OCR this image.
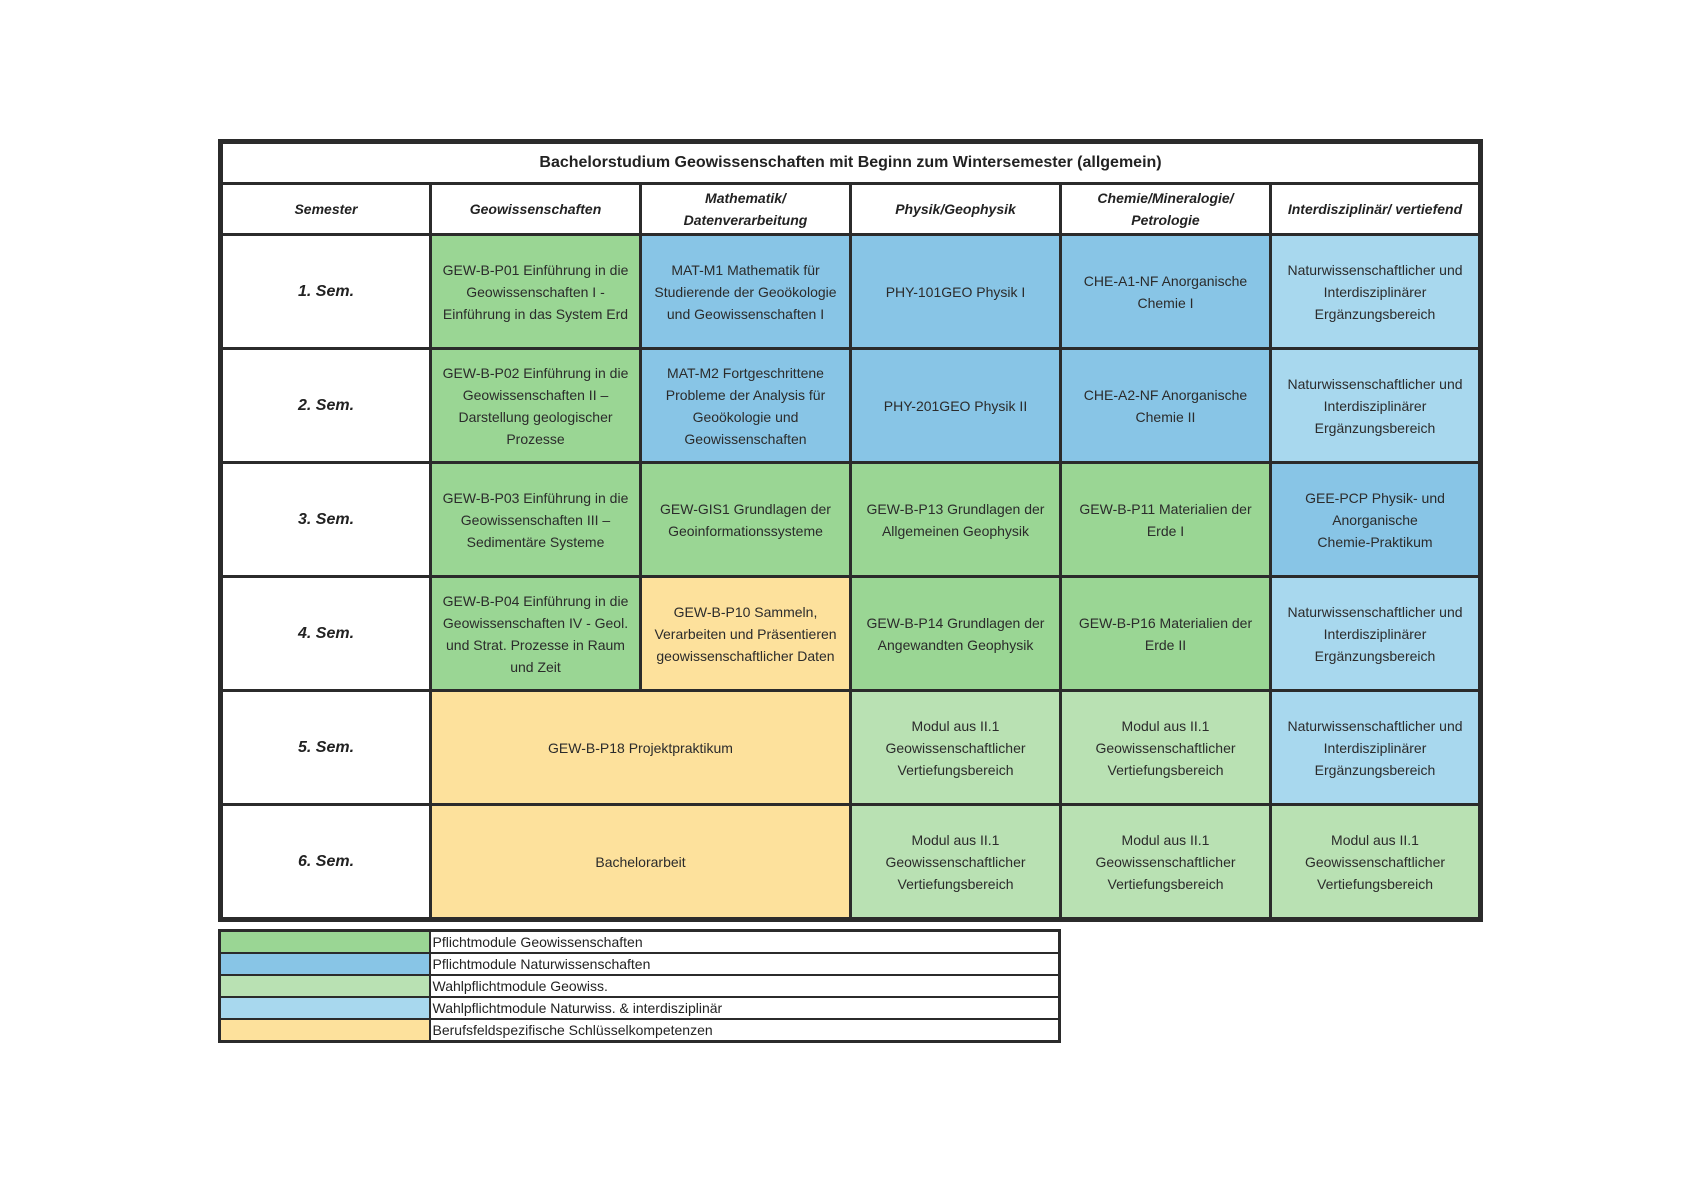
Bachelorstudium Geowissenschaften mit Beginn zum Wintersemester (allgemein)					
Semester	Geowissenschaften	Mathematik/
Datenverarbeitung	Physik/Geophysik	Chemie/Mineralogie/
Petrologie	Interdisziplinär/ vertiefend
1. Sem.	GEW-B-P01 Einführung in die
Geowissenschaften I -
Einführung in das System Erd	MAT-M1 Mathematik für
Studierende der Geoökologie
und Geowissenschaften I	PHY-101GEO Physik I	CHE-A1-NF Anorganische
Chemie I	Naturwissenschaftlicher und
Interdisziplinärer
Ergänzungsbereich
2. Sem.	GEW-B-P02 Einführung in die
Geowissenschaften II –
Darstellung geologischer
Prozesse	MAT-M2 Fortgeschrittene
Probleme der Analysis für
Geoökologie und
Geowissenschaften	PHY-201GEO Physik II	CHE-A2-NF Anorganische
Chemie II	Naturwissenschaftlicher und
Interdisziplinärer
Ergänzungsbereich
3. Sem.	GEW-B-P03 Einführung in die
Geowissenschaften III –
Sedimentäre Systeme	GEW-GIS1 Grundlagen der
Geoinformationssysteme	GEW-B-P13 Grundlagen der
Allgemeinen Geophysik	GEW-B-P11 Materialien der
Erde I	GEE-PCP Physik- und
Anorganische
Chemie-Praktikum
4. Sem.	GEW-B-P04 Einführung in die
Geowissenschaften IV - Geol.
und Strat. Prozesse in Raum
und Zeit	GEW-B-P10 Sammeln,
Verarbeiten und Präsentieren
geowissenschaftlicher Daten	GEW-B-P14 Grundlagen der
Angewandten Geophysik	GEW-B-P16 Materialien der
Erde II	Naturwissenschaftlicher und
Interdisziplinärer
Ergänzungsbereich
5. Sem.	GEW-B-P18 Projektpraktikum		Modul aus II.1
Geowissenschaftlicher
Vertiefungsbereich	Modul aus II.1
Geowissenschaftlicher
Vertiefungsbereich	Naturwissenschaftlicher und
Interdisziplinärer
Ergänzungsbereich
6. Sem.	Bachelorarbeit		Modul aus II.1
Geowissenschaftlicher
Vertiefungsbereich	Modul aus II.1
Geowissenschaftlicher
Vertiefungsbereich	Modul aus II.1
Geowissenschaftlicher
Vertiefungsbereich
	Pflichtmodule Geowissenschaften
	Pflichtmodule Naturwissenschaften
	Wahlpflichtmodule Geowiss.
	Wahlpflichtmodule Naturwiss. & interdisziplinär
	Berufsfeldspezifische Schlüsselkompetenzen
